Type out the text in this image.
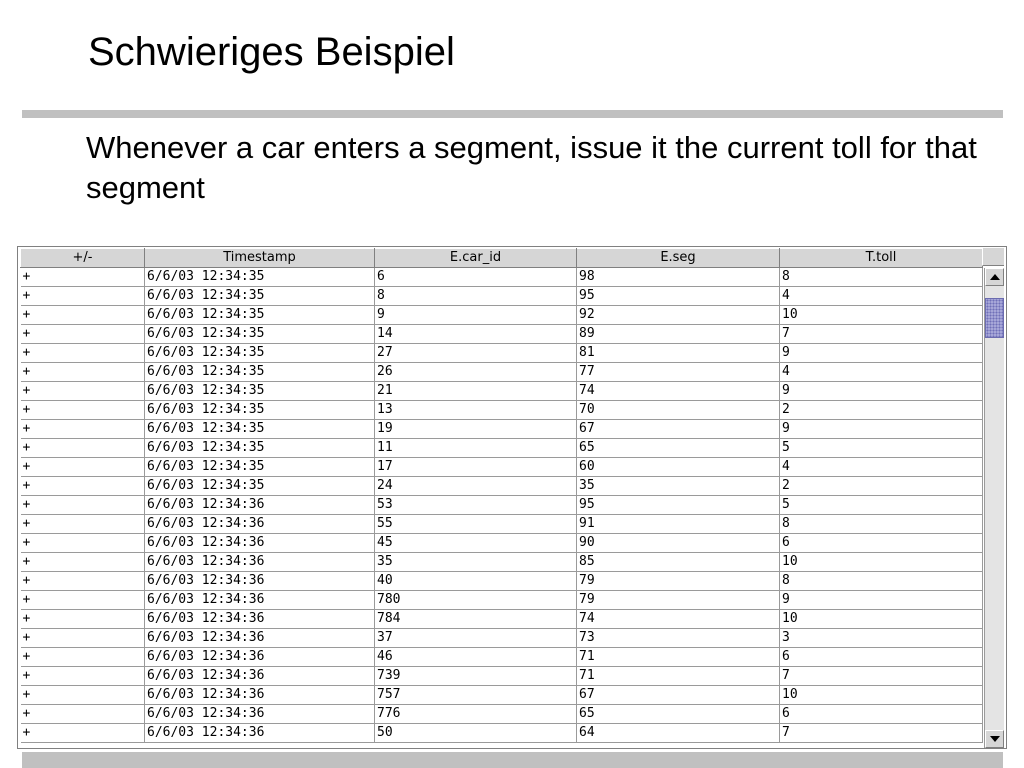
Schwieriges Beispiel
Whenever a car enters a segment, issue it the current toll for that segment
+/-	Timestamp	E.car_id	E.seg	T.toll
+	6/6/03 12:34:35	6	98	8
+	6/6/03 12:34:35	8	95	4
+	6/6/03 12:34:35	9	92	10
+	6/6/03 12:34:35	14	89	7
+	6/6/03 12:34:35	27	81	9
+	6/6/03 12:34:35	26	77	4
+	6/6/03 12:34:35	21	74	9
+	6/6/03 12:34:35	13	70	2
+	6/6/03 12:34:35	19	67	9
+	6/6/03 12:34:35	11	65	5
+	6/6/03 12:34:35	17	60	4
+	6/6/03 12:34:35	24	35	2
+	6/6/03 12:34:36	53	95	5
+	6/6/03 12:34:36	55	91	8
+	6/6/03 12:34:36	45	90	6
+	6/6/03 12:34:36	35	85	10
+	6/6/03 12:34:36	40	79	8
+	6/6/03 12:34:36	780	79	9
+	6/6/03 12:34:36	784	74	10
+	6/6/03 12:34:36	37	73	3
+	6/6/03 12:34:36	46	71	6
+	6/6/03 12:34:36	739	71	7
+	6/6/03 12:34:36	757	67	10
+	6/6/03 12:34:36	776	65	6
+	6/6/03 12:34:36	50	64	7
